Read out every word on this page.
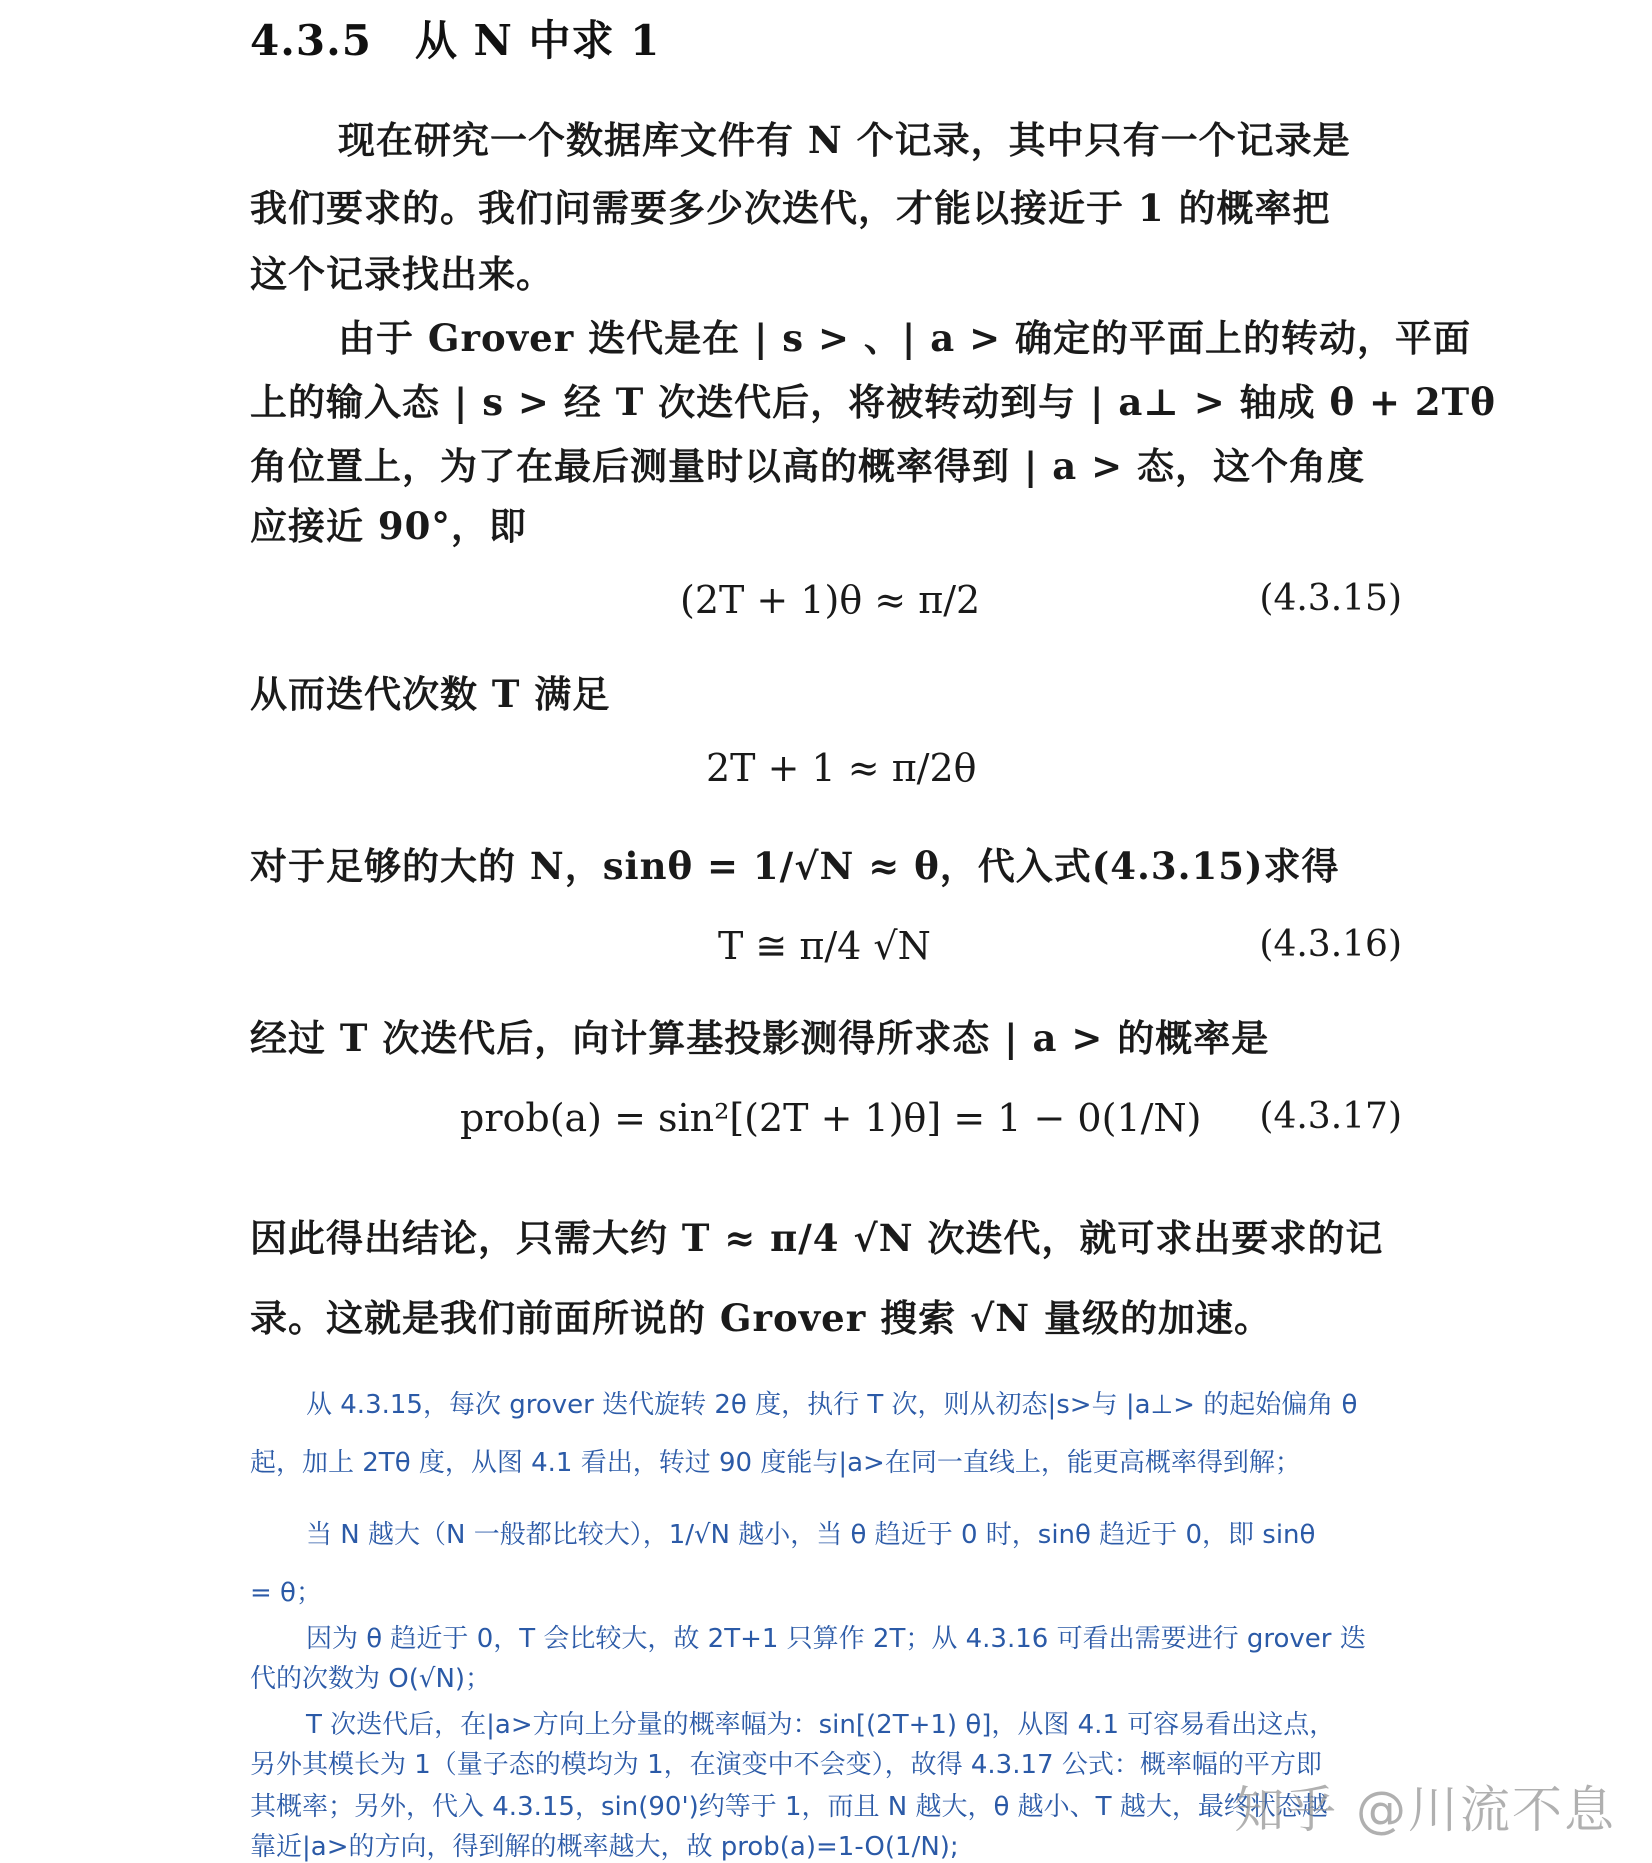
4.3.5　从 N 中求 1
现在研究一个数据库文件有 N 个记录，其中只有一个记录是
我们要求的。我们问需要多少次迭代，才能以接近于 1 的概率把
这个记录找出来。
由于 Grover 迭代是在 | s > 、| a > 确定的平面上的转动，平面
上的输入态 | s > 经 T 次迭代后，将被转动到与 | a⊥ > 轴成 θ + 2Tθ
角位置上，为了在最后测量时以高的概率得到 | a > 态，这个角度
应接近 90°，即
(2T + 1)θ ≈ π/2	(4.3.15)
从而迭代次数 T 满足
2T + 1 ≈ π/2θ
对于足够的大的 N，sinθ = 1/√N ≈ θ，代入式(4.3.15)求得
T ≅ π/4 √N	(4.3.16)
经过 T 次迭代后，向计算基投影测得所求态 | a > 的概率是
prob(a) = sin²[(2T + 1)θ] = 1 − 0(1/N) (4.3.17)
因此得出结论，只需大约 T ≈ π/4 √N 次迭代，就可求出要求的记
录。这就是我们前面所说的 Grover 搜索 √N 量级的加速。
从 4.3.15，每次 grover 迭代旋转 2θ 度，执行 T 次，则从初态|s>与 |a⊥> 的起始偏角 θ
起，加上 2Tθ 度，从图 4.1 看出，转过 90 度能与|a>在同一直线上，能更高概率得到解；
当 N 越大（N 一般都比较大），1/√N 越小，当 θ 趋近于 0 时，sinθ 趋近于 0，即 sinθ
= θ；
因为 θ 趋近于 0，T 会比较大，故 2T+1 只算作 2T；从 4.3.16 可看出需要进行 grover 迭
代的次数为 O(√N)；
T 次迭代后，在|a>方向上分量的概率幅为：sin[(2T+1) θ]，从图 4.1 可容易看出这点，
另外其模长为 1（量子态的模均为 1，在演变中不会变），故得 4.3.17 公式：概率幅的平方即
其概率；另外，代入 4.3.15，sin(90')约等于 1，而且 N 越大，θ 越小、T 越大，最终状态越
靠近|a>的方向，得到解的概率越大，故 prob(a)=1-O(1/N);
知乎 @川流不息
